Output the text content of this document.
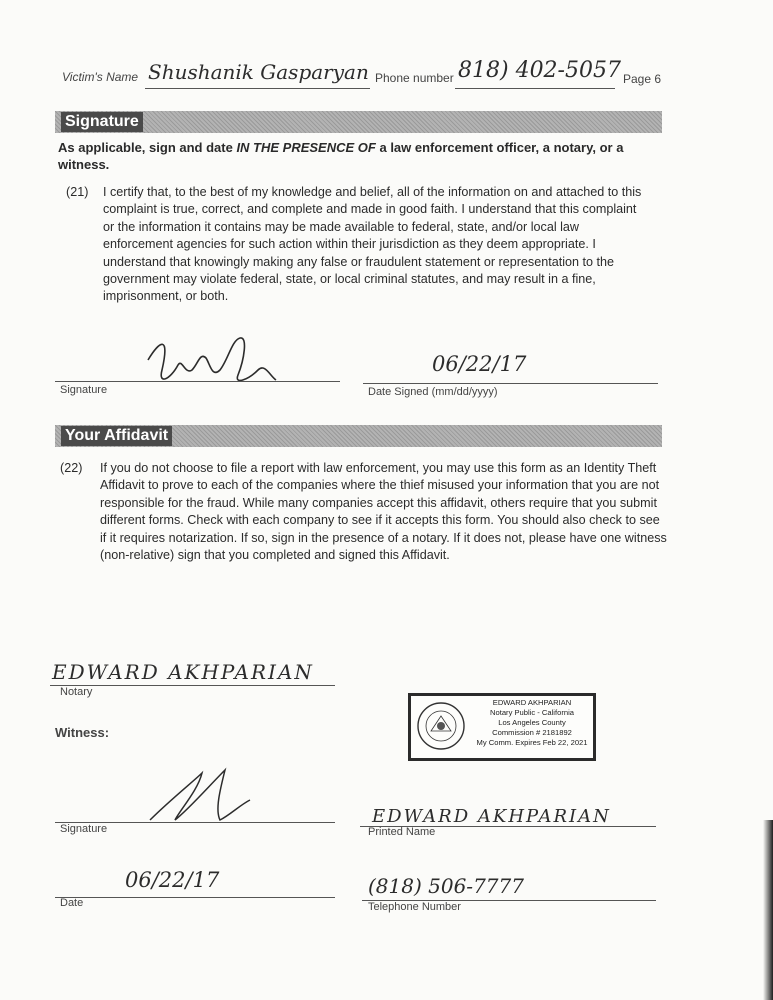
Victim's Name Shushanik Gasparyan Phone number 818) 402-5057 Page 6
Signature
As applicable, sign and date IN THE PRESENCE OF a law enforcement officer, a notary, or a witness.
(21) I certify that, to the best of my knowledge and belief, all of the information on and attached to this complaint is true, correct, and complete and made in good faith. I understand that this complaint or the information it contains may be made available to federal, state, and/or local law enforcement agencies for such action within their jurisdiction as they deem appropriate. I understand that knowingly making any false or fraudulent statement or representation to the government may violate federal, state, or local criminal statutes, and may result in a fine, imprisonment, or both.
Signature
06/22/17
Date Signed (mm/dd/yyyy)
Your Affidavit
(22) If you do not choose to file a report with law enforcement, you may use this form as an Identity Theft Affidavit to prove to each of the companies where the thief misused your information that you are not responsible for the fraud. While many companies accept this affidavit, others require that you submit different forms. Check with each company to see if it accepts this form. You should also check to see if it requires notarization. If so, sign in the presence of a notary. If it does not, please have one witness (non-relative) sign that you completed and signed this Affidavit.
EDWARD AKHPARIAN
Notary
EDWARD AKHPARIAN
Notary Public - California
Los Angeles County
Commission # 2181892
My Comm. Expires Feb 22, 2021
Witness:
Signature
EDWARD AKHPARIAN
Printed Name
06/22/17
Date
(818) 506-7777
Telephone Number
